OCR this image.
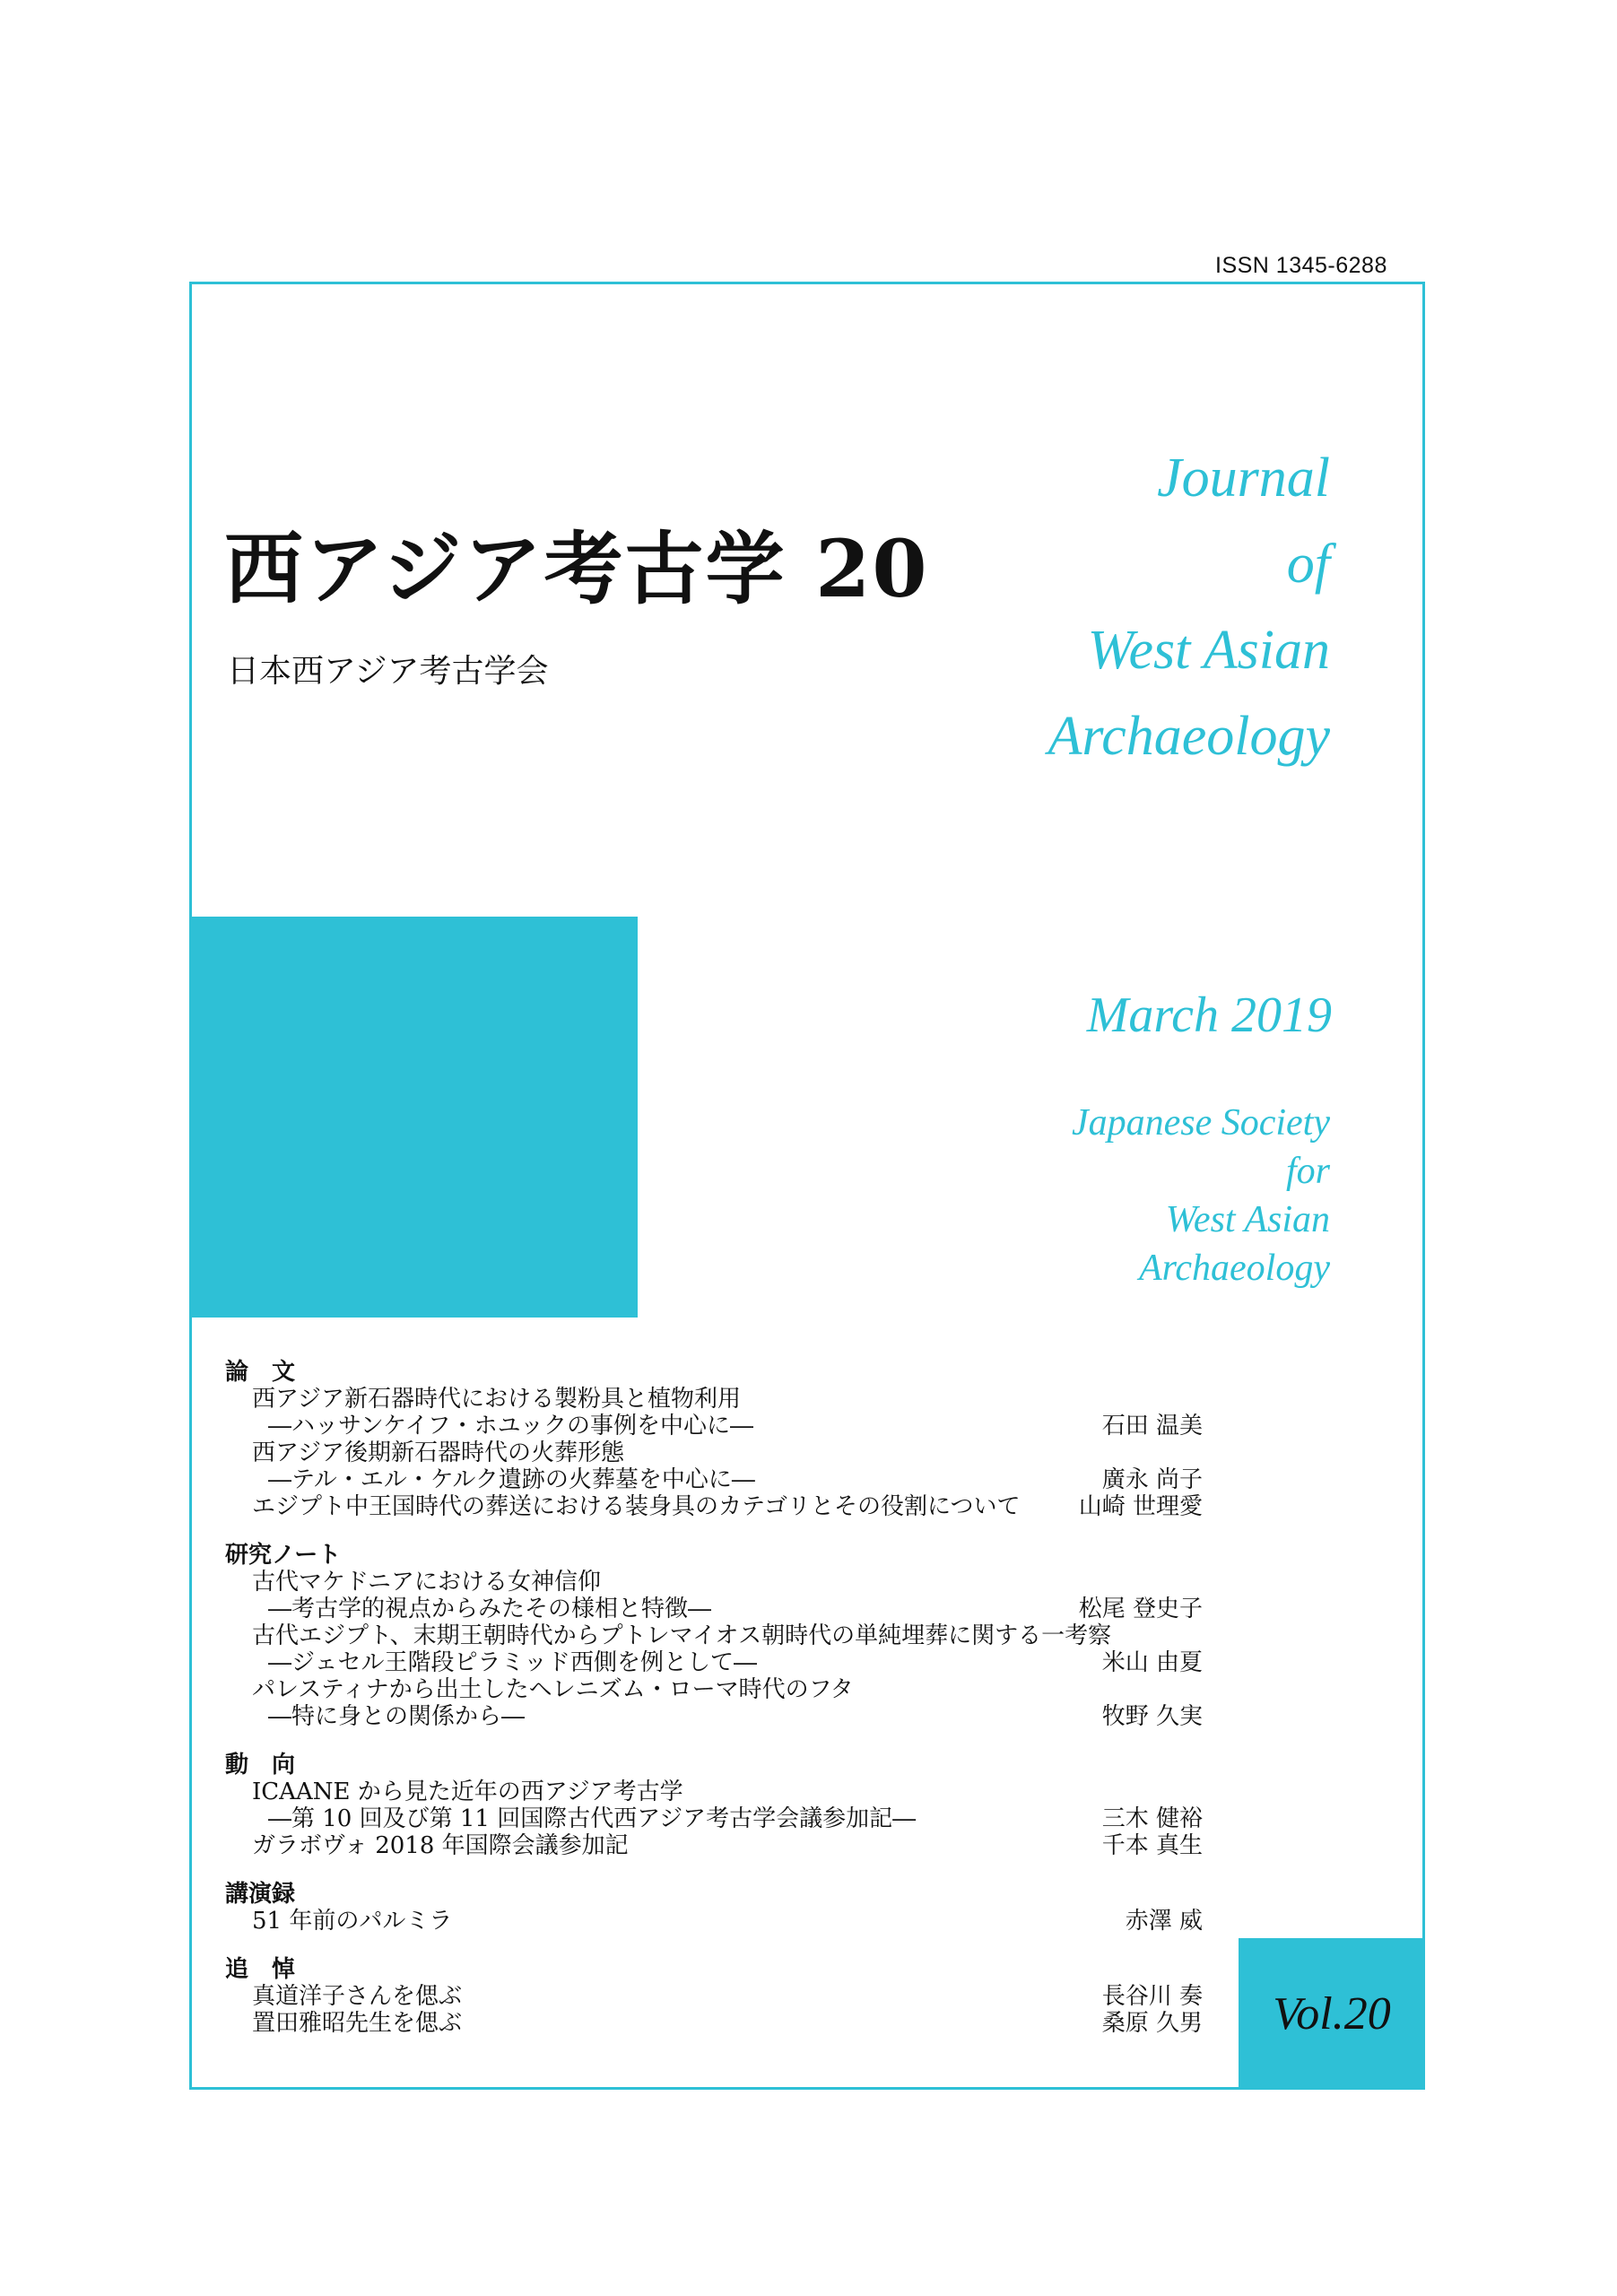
ISSN 1345-6288
西アジア考古学 20
日本西アジア考古学会
Journal
of
West Asian
Archaeology
March 2019
Japanese Society
for
West Asian
Archaeology
論　文
西アジア新石器時代における製粉具と植物利用
―ハッサンケイフ・ホユックの事例を中心に―	石田 温美
西アジア後期新石器時代の火葬形態
―テル・エル・ケルク遺跡の火葬墓を中心に―	廣永 尚子
エジプト中王国時代の葬送における装身具のカテゴリとその役割について	山崎 世理愛
研究ノート
古代マケドニアにおける女神信仰
―考古学的視点からみたその様相と特徴―	松尾 登史子
古代エジプト、末期王朝時代からプトレマイオス朝時代の単純埋葬に関する一考察
―ジェセル王階段ピラミッド西側を例として―	米山 由夏
パレスティナから出土したヘレニズム・ローマ時代のフタ
―特に身との関係から―	牧野 久実
動　向
ICAANE から見た近年の西アジア考古学
―第 10 回及び第 11 回国際古代西アジア考古学会議参加記―	三木 健裕
ガラボヴォ 2018 年国際会議参加記	千本 真生
講演録
51 年前のパルミラ	赤澤 威
追　悼
真道洋子さんを偲ぶ	長谷川 奏
置田雅昭先生を偲ぶ	桑原 久男 Vol.20
